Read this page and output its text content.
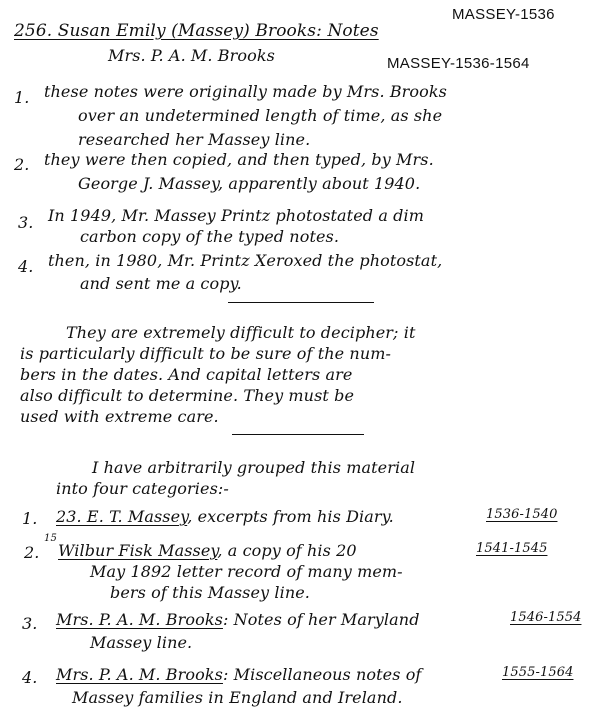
256. Susan Emily (Massey) Brooks: Notes
MASSEY-1536
Mrs. P. A. M. Brooks	MASSEY-1536-1564
1. these notes were originally made by Mrs. Brooks
over an undetermined length of time, as she
researched her Massey line.
2. they were then copied, and then typed, by Mrs.
George J. Massey, apparently about 1940.
3. In 1949, Mr. Massey Printz photostated a dim
carbon copy of the typed notes.
4. then, in 1980, Mr. Printz Xeroxed the photostat,
and sent me a copy.
They are extremely difficult to decipher; it
is particularly difficult to be sure of the num-
bers in the dates. And capital letters are
also difficult to determine. They must be
used with extreme care.
I have arbitrarily grouped this material
into four categories:-
1. 23. E. T. Massey, excerpts from his Diary.	1536-1540
2.
15
Wilbur Fisk Massey, a copy of his 20	1541-1545
May 1892 letter record of many mem-
bers of this Massey line.
3. Mrs. P. A. M. Brooks: Notes of her Maryland	1546-1554
Massey line.
4. Mrs. P. A. M. Brooks: Miscellaneous notes of	1555-1564
Massey families in England and Ireland.
